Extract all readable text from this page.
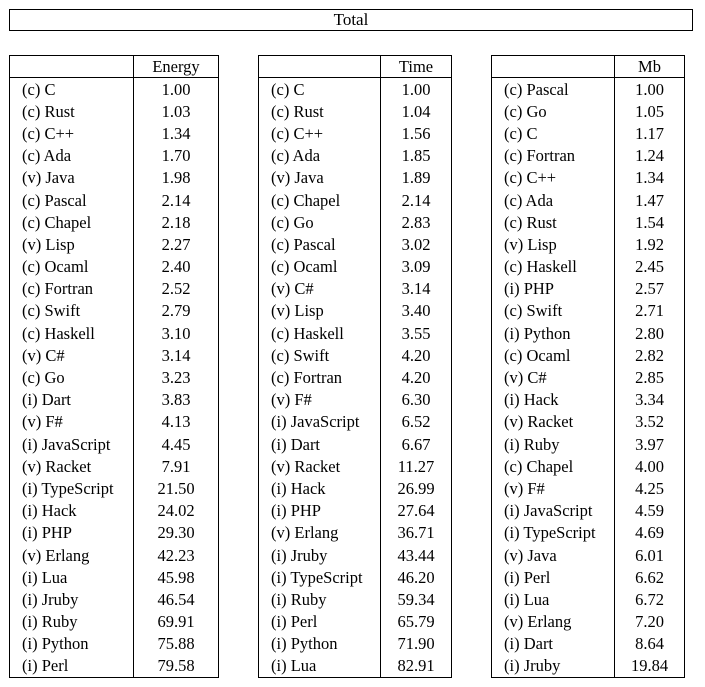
Total
	Energy
(c) C	1.00
(c) Rust	1.03
(c) C++	1.34
(c) Ada	1.70
(v) Java	1.98
(c) Pascal	2.14
(c) Chapel	2.18
(v) Lisp	2.27
(c) Ocaml	2.40
(c) Fortran	2.52
(c) Swift	2.79
(c) Haskell	3.10
(v) C#	3.14
(c) Go	3.23
(i) Dart	3.83
(v) F#	4.13
(i) JavaScript	4.45
(v) Racket	7.91
(i) TypeScript	21.50
(i) Hack	24.02
(i) PHP	29.30
(v) Erlang	42.23
(i) Lua	45.98
(i) Jruby	46.54
(i) Ruby	69.91
(i) Python	75.88
(i) Perl	79.58
	Time
(c) C	1.00
(c) Rust	1.04
(c) C++	1.56
(c) Ada	1.85
(v) Java	1.89
(c) Chapel	2.14
(c) Go	2.83
(c) Pascal	3.02
(c) Ocaml	3.09
(v) C#	3.14
(v) Lisp	3.40
(c) Haskell	3.55
(c) Swift	4.20
(c) Fortran	4.20
(v) F#	6.30
(i) JavaScript	6.52
(i) Dart	6.67
(v) Racket	11.27
(i) Hack	26.99
(i) PHP	27.64
(v) Erlang	36.71
(i) Jruby	43.44
(i) TypeScript	46.20
(i) Ruby	59.34
(i) Perl	65.79
(i) Python	71.90
(i) Lua	82.91
	Mb
(c) Pascal	1.00
(c) Go	1.05
(c) C	1.17
(c) Fortran	1.24
(c) C++	1.34
(c) Ada	1.47
(c) Rust	1.54
(v) Lisp	1.92
(c) Haskell	2.45
(i) PHP	2.57
(c) Swift	2.71
(i) Python	2.80
(c) Ocaml	2.82
(v) C#	2.85
(i) Hack	3.34
(v) Racket	3.52
(i) Ruby	3.97
(c) Chapel	4.00
(v) F#	4.25
(i) JavaScript	4.59
(i) TypeScript	4.69
(v) Java	6.01
(i) Perl	6.62
(i) Lua	6.72
(v) Erlang	7.20
(i) Dart	8.64
(i) Jruby	19.84
